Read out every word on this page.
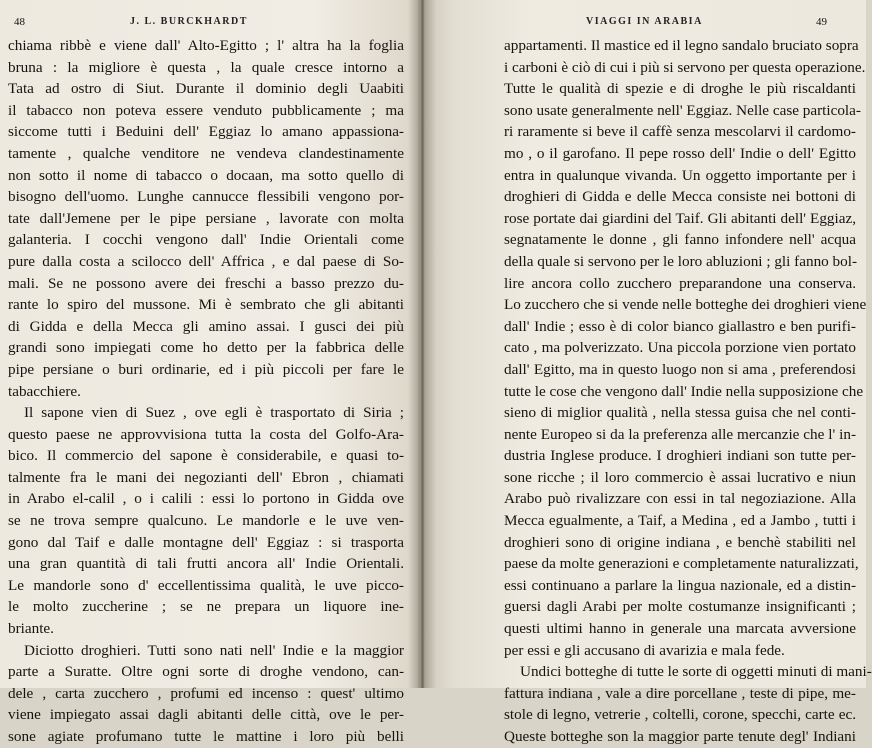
48	J. L. BURCKHARDT
chiama ribbè e viene dall' Alto-Egitto ; l' altra ha la foglia
bruna : la migliore è questa , la quale cresce intorno a
Tata ad ostro di Siut. Durante il dominio degli Uaabiti
il tabacco non poteva essere venduto pubblicamente ; ma
siccome tutti i Beduini dell' Eggiaz lo amano appassiona-
tamente , qualche venditore ne vendeva clandestinamente
non sotto il nome di tabacco o docaan, ma sotto quello di
bisogno dell'uomo. Lunghe cannucce flessibili vengono por-
tate dall'Jemene per le pipe persiane , lavorate con molta
galanteria. I cocchi vengono dall' Indie Orientali come
pure dalla costa a scilocco dell' Affrica , e dal paese di So-
mali. Se ne possono avere dei freschi a basso prezzo du-
rante lo spiro del mussone. Mi è sembrato che gli abitanti
di Gidda e della Mecca gli amino assai. I gusci dei più
grandi sono impiegati come ho detto per la fabbrica delle
pipe persiane o buri ordinarie, ed i più piccoli per fare le
tabacchiere.
Il sapone vien di Suez , ove egli è trasportato di Siria ;
questo paese ne approvvisiona tutta la costa del Golfo-Ara-
bico. Il commercio del sapone è considerabile, e quasi to-
talmente fra le mani dei negozianti dell' Ebron , chiamati
in Arabo el-calil , o i calili : essi lo portono in Gidda ove
se ne trova sempre qualcuno. Le mandorle e le uve ven-
gono dal Taif e dalle montagne dell' Eggiaz : si trasporta
una gran quantità di tali frutti ancora all' Indie Orientali.
Le mandorle sono d' eccellentissima qualità, le uve picco-
le molto zuccherine ; se ne prepara un liquore ine-
briante.
Diciotto droghieri. Tutti sono nati nell' Indie e la maggior
parte a Suratte. Oltre ogni sorte di droghe vendono, can-
dele , carta zucchero , profumi ed incenso : quest' ultimo
viene impiegato assai dagli abitanti delle città, ove le per-
sone agiate profumano tutte le mattine i loro più belli
VIAGGI IN ARABIA	49
appartamenti. Il mastice ed il legno sandalo bruciato sopra
i carboni è ciò di cui i più si servono per questa operazione.
Tutte le qualità di spezie e di droghe le più riscaldanti
sono usate generalmente nell' Eggiaz. Nelle case particola-
ri raramente si beve il caffè senza mescolarvi il cardomo-
mo , o il garofano. Il pepe rosso dell' Indie o dell' Egitto
entra in qualunque vivanda. Un oggetto importante per i
droghieri di Gidda e delle Mecca consiste nei bottoni di
rose portate dai giardini del Taif. Gli abitanti dell' Eggiaz,
segnatamente le donne , gli fanno infondere nell' acqua
della quale si servono per le loro abluzioni ; gli fanno bol-
lire ancora collo zucchero preparandone una conserva.
Lo zucchero che si vende nelle botteghe dei droghieri viene
dall' Indie ; esso è di color bianco giallastro e ben purifi-
cato , ma polverizzato. Una piccola porzione vien portato
dall' Egitto, ma in questo luogo non si ama , preferendosi
tutte le cose che vengono dall' Indie nella supposizione che
sieno di miglior qualità , nella stessa guisa che nel conti-
nente Europeo si da la preferenza alle mercanzie che l' in-
dustria Inglese produce. I droghieri indiani son tutte per-
sone ricche ; il loro commercio è assai lucrativo e niun
Arabo può rivalizzare con essi in tal negoziazione. Alla
Mecca egualmente, a Taif, a Medina , ed a Jambo , tutti i
droghieri sono di origine indiana , e benchè stabiliti nel
paese da molte generazioni e completamente naturalizzati,
essi continuano a parlare la lingua nazionale, ed a distin-
guersi dagli Arabi per molte costumanze insignificanti ;
questi ultimi hanno in generale una marcata avversione
per essi e gli accusano di avarizia e mala fede.
Undici botteghe di tutte le sorte di oggetti minuti di mani-
fattura indiana , vale a dire porcellane , teste di pipe, me-
stole di legno, vetrerie , coltelli, corone, specchi, carte ec.
Queste botteghe son la maggior parte tenute degl' Indiani
